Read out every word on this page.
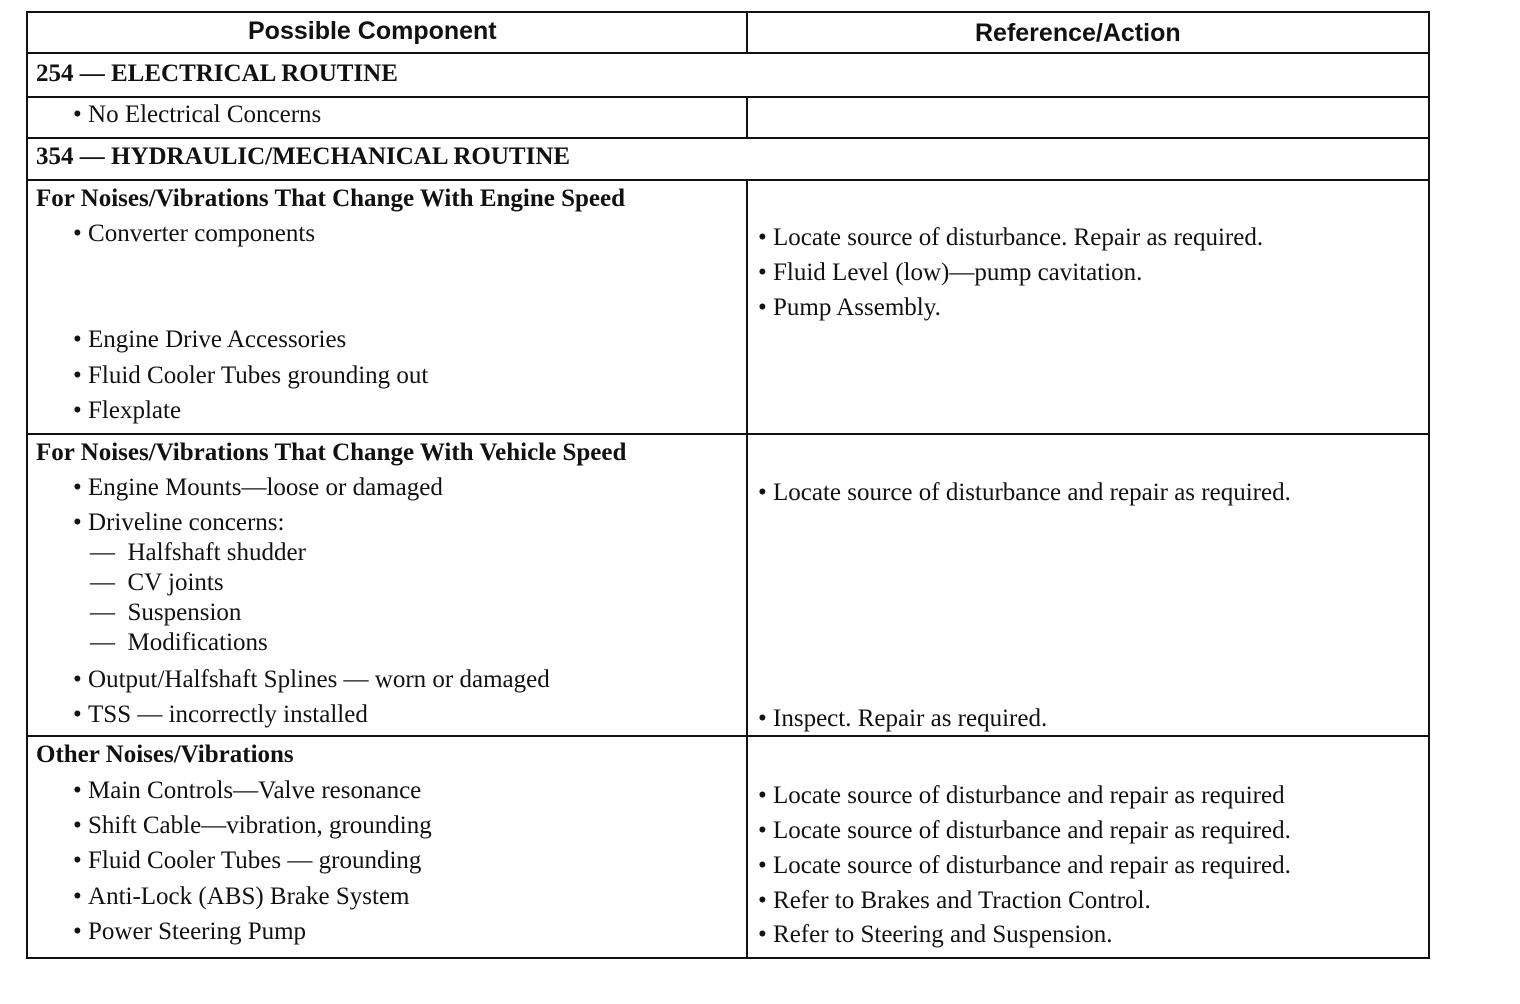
Possible Component	Reference/Action
254 — ELECTRICAL ROUTINE
• No Electrical Concerns
354 — HYDRAULIC/MECHANICAL ROUTINE
For Noises/Vibrations That Change With Engine Speed
• Converter components
• Engine Drive Accessories
• Fluid Cooler Tubes grounding out
• Flexplate
• Locate source of disturbance. Repair as required.
• Fluid Level (low)—pump cavitation.
• Pump Assembly.
For Noises/Vibrations That Change With Vehicle Speed
• Engine Mounts—loose or damaged
• Driveline concerns:
—  Halfshaft shudder
—  CV joints
—  Suspension
—  Modifications
• Output/Halfshaft Splines — worn or damaged
• TSS — incorrectly installed
• Locate source of disturbance and repair as required.
• Inspect. Repair as required.
Other Noises/Vibrations
• Main Controls—Valve resonance
• Shift Cable—vibration, grounding
• Fluid Cooler Tubes — grounding
• Anti-Lock (ABS) Brake System
• Power Steering Pump
• Locate source of disturbance and repair as required
• Locate source of disturbance and repair as required.
• Locate source of disturbance and repair as required.
• Refer to Brakes and Traction Control.
• Refer to Steering and Suspension.
